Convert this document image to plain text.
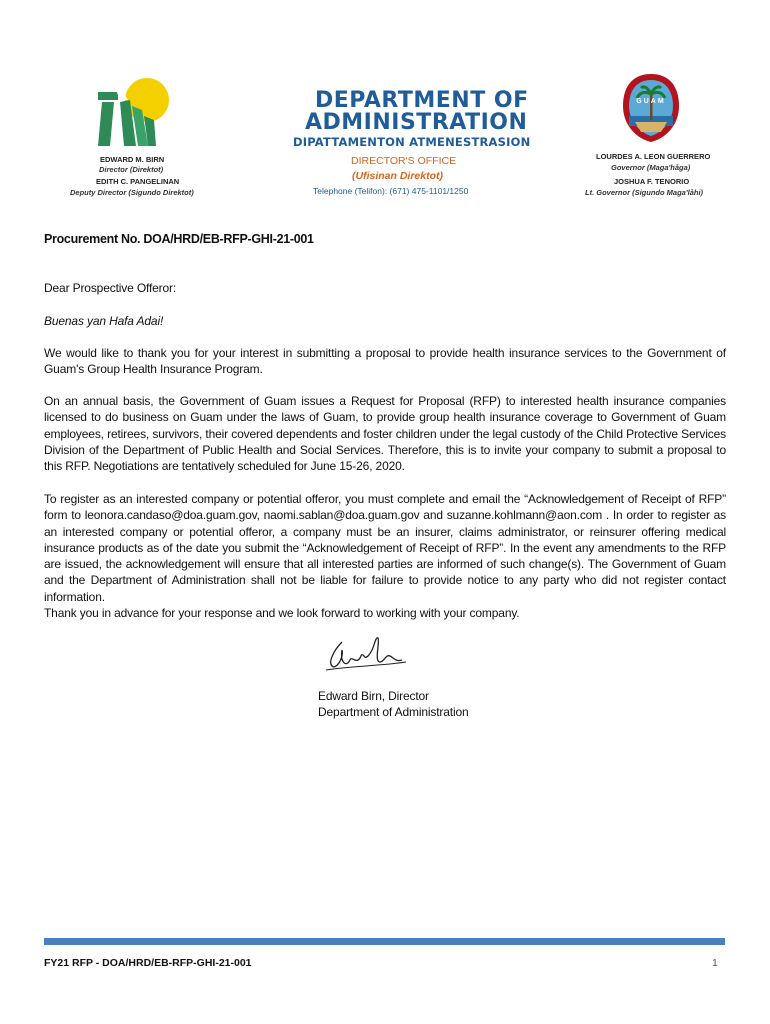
EDWARD M. BIRN
Director (Direktot)
EDITH C. PANGELINAN
Deputy Director (Sigundo Direktot)
DEPARTMENT OF
ADMINISTRATION
DIPATTAMENTON ATMENESTRASION
DIRECTOR'S OFFICE
(Ufisinan Direktot)
Telephone (Telifon): (671) 475-1101/1250
GUAM
LOURDES A. LEON GUERRERO
Governor (Maga'håga)
JOSHUA F. TENORIO
Lt. Governor (Sigundo Maga'låhi)
Procurement No. DOA/HRD/EB-RFP-GHI-21-001
Dear Prospective Offeror:
Buenas yan Hafa Adai!
We would like to thank you for your interest in submitting a proposal to provide health insurance services to the Government of Guam's Group Health Insurance Program.
On an annual basis, the Government of Guam issues a Request for Proposal (RFP) to interested health insurance companies licensed to do business on Guam under the laws of Guam, to provide group health insurance coverage to Government of Guam employees, retirees, survivors, their covered dependents and foster children under the legal custody of the Child Protective Services Division of the Department of Public Health and Social Services. Therefore, this is to invite your company to submit a proposal to this RFP. Negotiations are tentatively scheduled for June 15-26, 2020.
To register as an interested company or potential offeror, you must complete and email the “Acknowledgement of Receipt of RFP” form to leonora.candaso@doa.guam.gov, naomi.sablan@doa.guam.gov and suzanne.kohlmann@aon.com . In order to register as an interested company or potential offeror, a company must be an insurer, claims administrator, or reinsurer offering medical insurance products as of the date you submit the “Acknowledgement of Receipt of RFP”. In the event any amendments to the RFP are issued, the acknowledgement will ensure that all interested parties are informed of such change(s). The Government of Guam and the Department of Administration shall not be liable for failure to provide notice to any party who did not register contact information.
Thank you in advance for your response and we look forward to working with your company.
Edward Birn, Director
Department of Administration
FY21 RFP - DOA/HRD/EB-RFP-GHI-21-001	1
